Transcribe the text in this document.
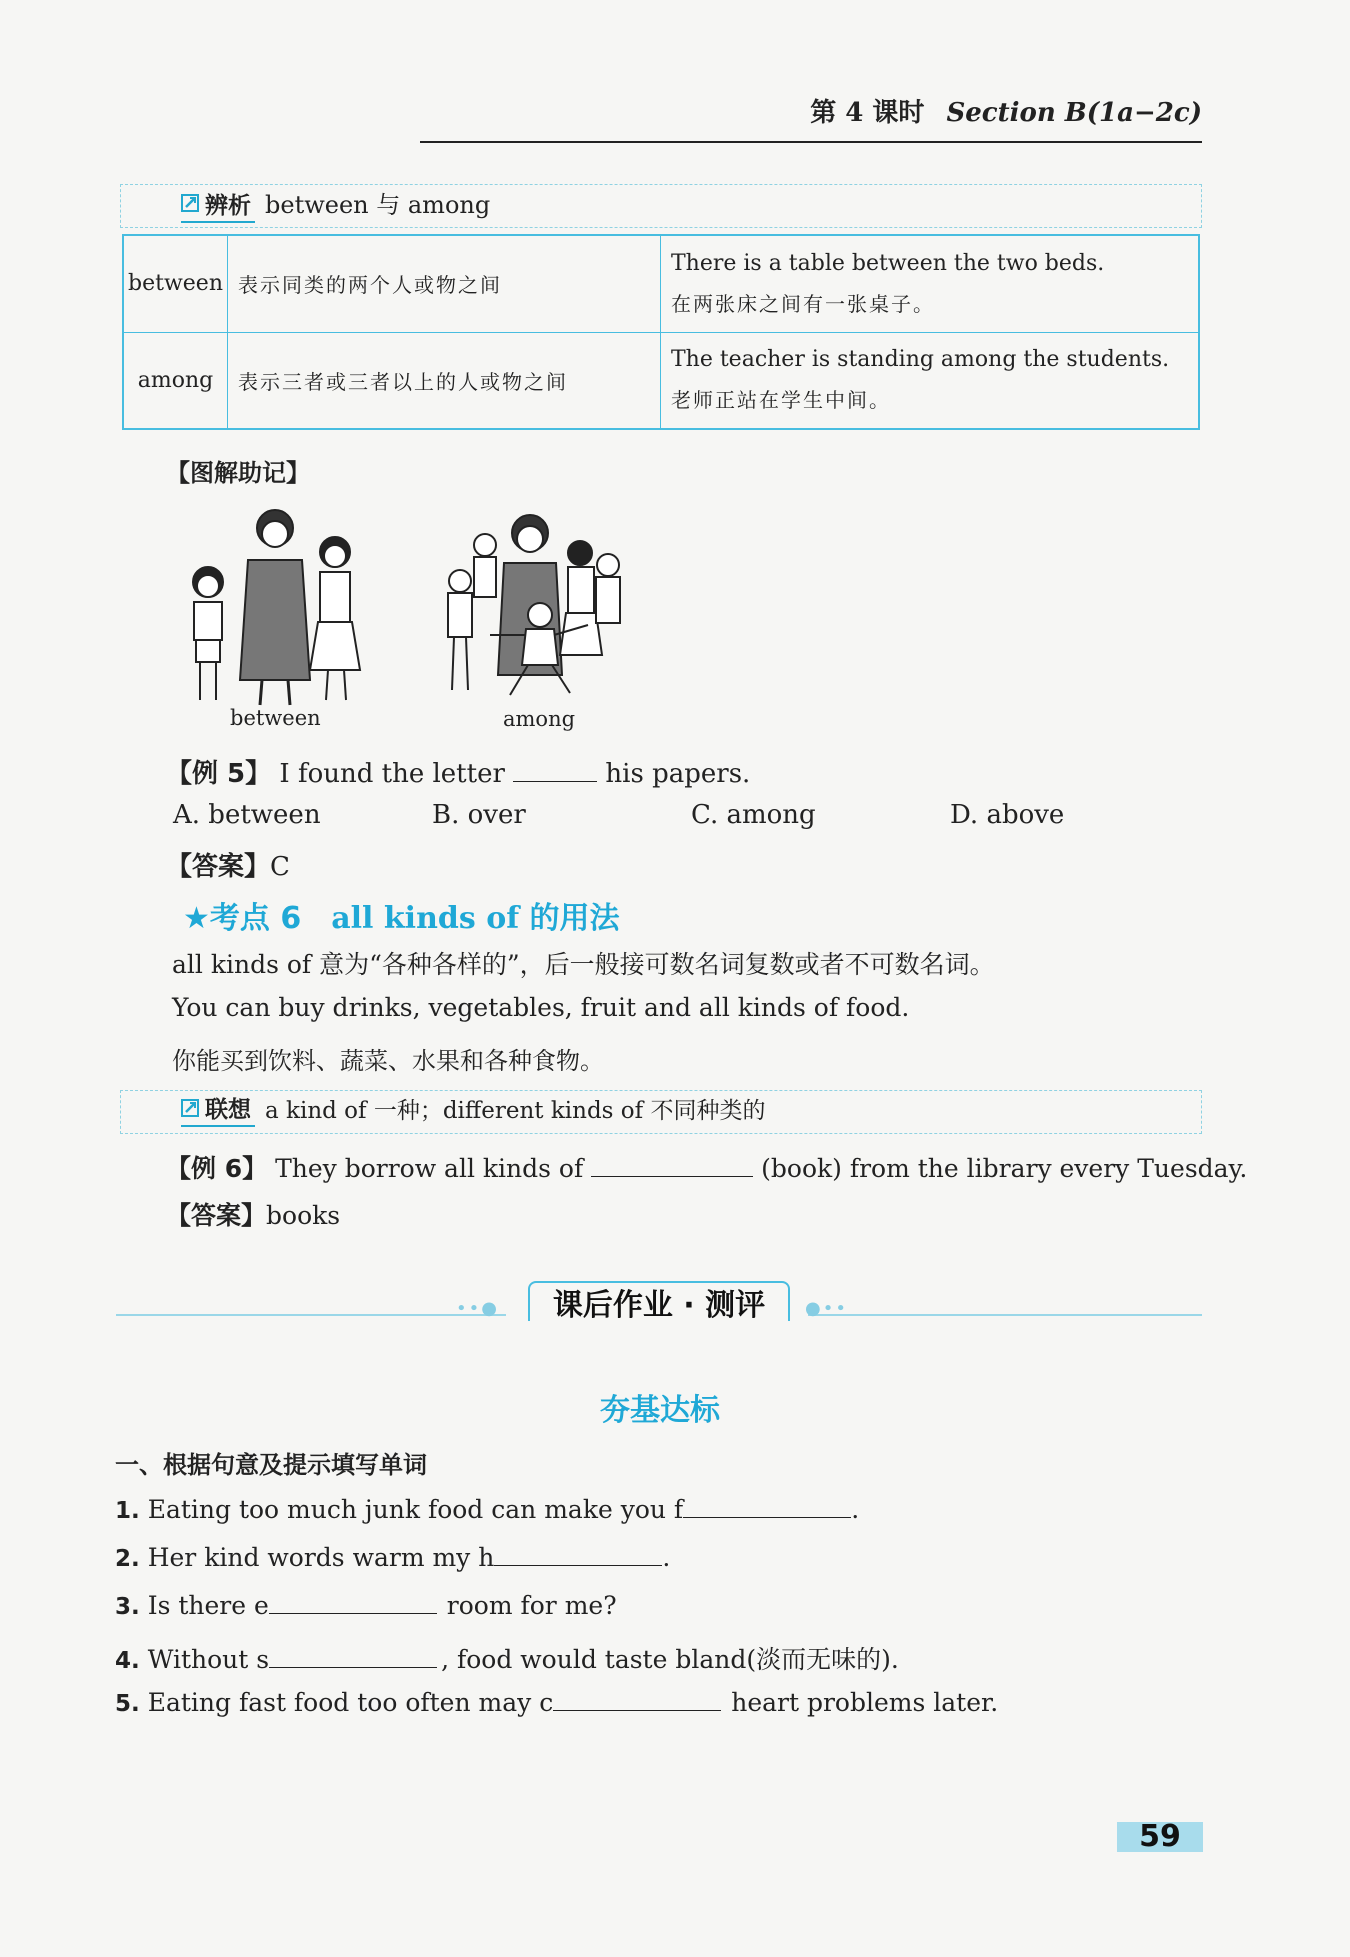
第 4 课时 Section B(1a−2c)
辨析 between 与 among
between	表示同类的两个人或物之间	There is a table between the two beds.
在两张床之间有一张桌子。

among	表示三者或三者以上的人或物之间	The teacher is standing among the students.
老师正站在学生中间。
【图解助记】
between	among
【例 5】 I found the letter	his papers.
A. between	B. over	C. among	D. above
【答案】C
★考点 6 all kinds of 的用法
all kinds of 意为“各种各样的”，后一般接可数名词复数或者不可数名词。
You can buy drinks, vegetables, fruit and all kinds of food.
你能买到饮料、蔬菜、水果和各种食物。
联想 a kind of 一种；different kinds of 不同种类的
【例 6】 They borrow all kinds of	(book) from the library every Tuesday.
【答案】books
••●	●••
课后作业 · 测评
夯基达标
一、根据句意及提示填写单词
1. Eating too much junk food can make you f	.
2. Her kind words warm my h	.
3. Is there e	room for me?
4. Without s	, food would taste bland(淡而无味的).
5. Eating fast food too often may c	heart problems later.
59
